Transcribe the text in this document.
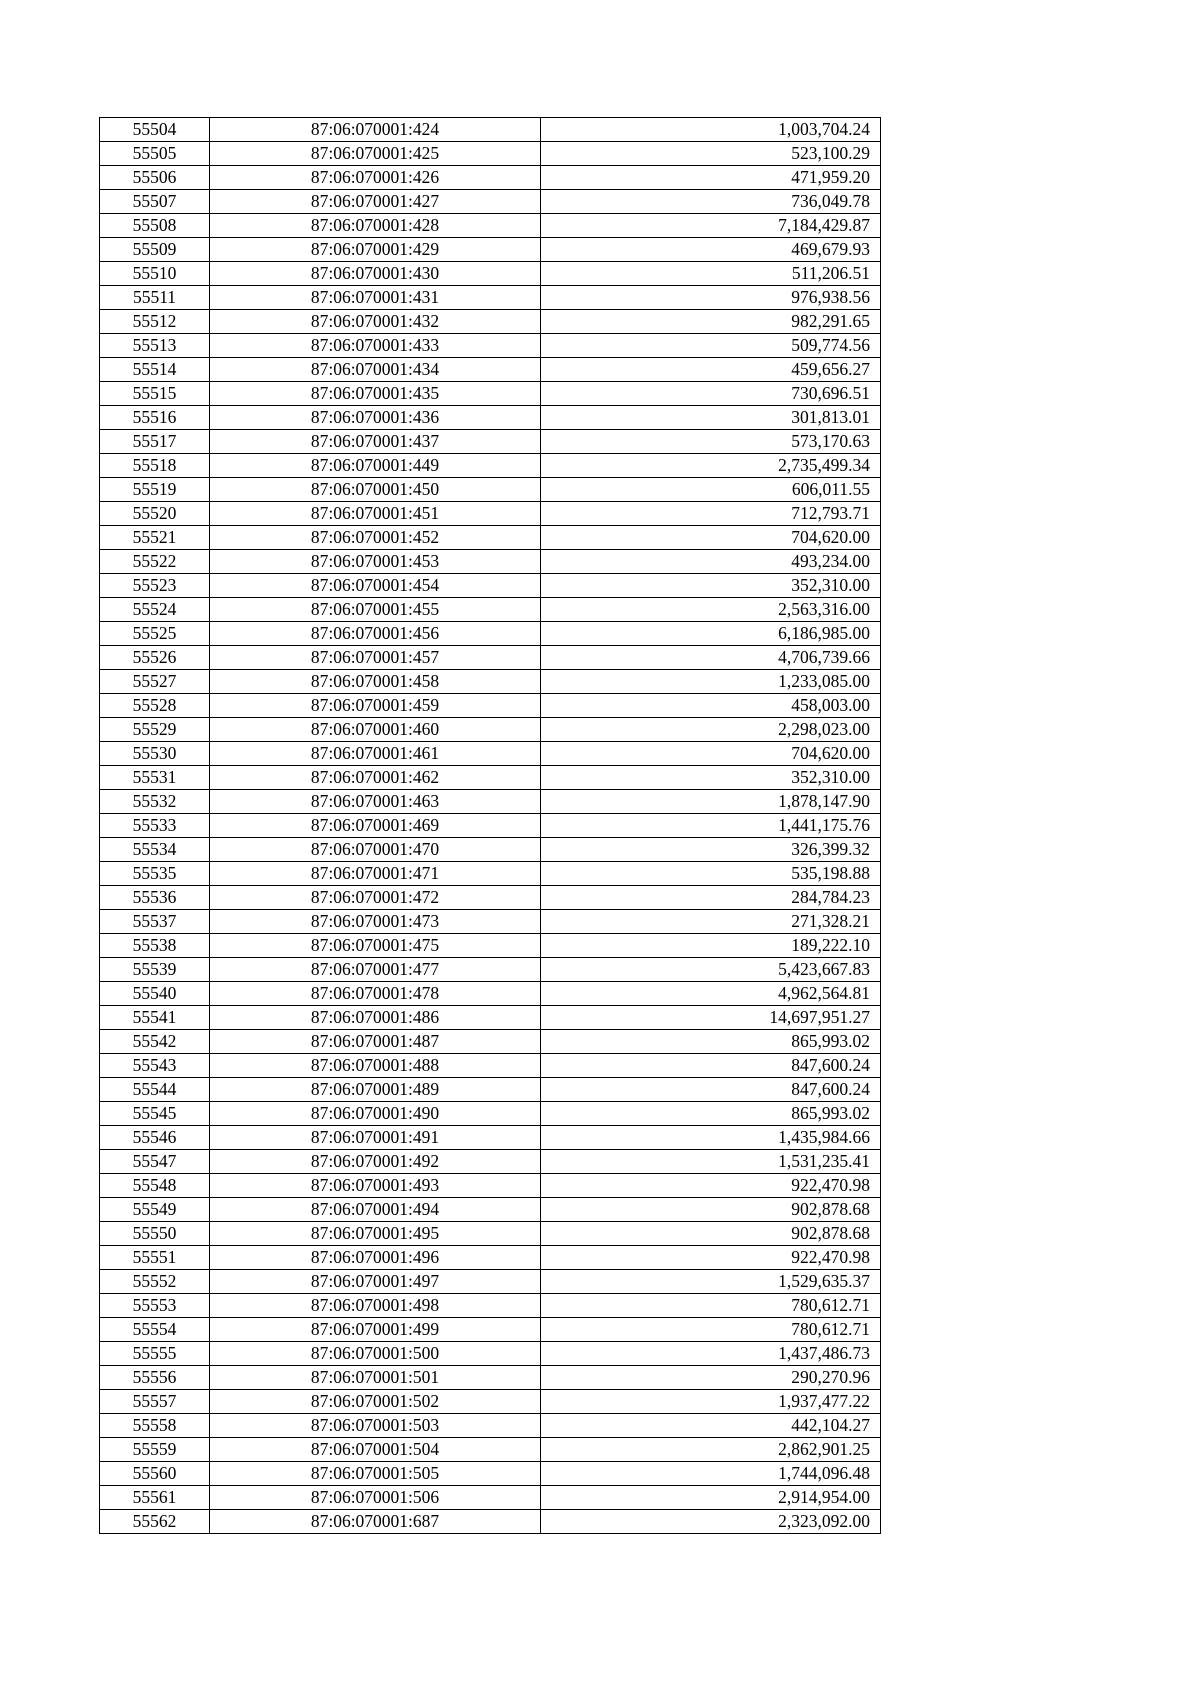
55504	87:06:070001:424	1,003,704.24
55505	87:06:070001:425	523,100.29
55506	87:06:070001:426	471,959.20
55507	87:06:070001:427	736,049.78
55508	87:06:070001:428	7,184,429.87
55509	87:06:070001:429	469,679.93
55510	87:06:070001:430	511,206.51
55511	87:06:070001:431	976,938.56
55512	87:06:070001:432	982,291.65
55513	87:06:070001:433	509,774.56
55514	87:06:070001:434	459,656.27
55515	87:06:070001:435	730,696.51
55516	87:06:070001:436	301,813.01
55517	87:06:070001:437	573,170.63
55518	87:06:070001:449	2,735,499.34
55519	87:06:070001:450	606,011.55
55520	87:06:070001:451	712,793.71
55521	87:06:070001:452	704,620.00
55522	87:06:070001:453	493,234.00
55523	87:06:070001:454	352,310.00
55524	87:06:070001:455	2,563,316.00
55525	87:06:070001:456	6,186,985.00
55526	87:06:070001:457	4,706,739.66
55527	87:06:070001:458	1,233,085.00
55528	87:06:070001:459	458,003.00
55529	87:06:070001:460	2,298,023.00
55530	87:06:070001:461	704,620.00
55531	87:06:070001:462	352,310.00
55532	87:06:070001:463	1,878,147.90
55533	87:06:070001:469	1,441,175.76
55534	87:06:070001:470	326,399.32
55535	87:06:070001:471	535,198.88
55536	87:06:070001:472	284,784.23
55537	87:06:070001:473	271,328.21
55538	87:06:070001:475	189,222.10
55539	87:06:070001:477	5,423,667.83
55540	87:06:070001:478	4,962,564.81
55541	87:06:070001:486	14,697,951.27
55542	87:06:070001:487	865,993.02
55543	87:06:070001:488	847,600.24
55544	87:06:070001:489	847,600.24
55545	87:06:070001:490	865,993.02
55546	87:06:070001:491	1,435,984.66
55547	87:06:070001:492	1,531,235.41
55548	87:06:070001:493	922,470.98
55549	87:06:070001:494	902,878.68
55550	87:06:070001:495	902,878.68
55551	87:06:070001:496	922,470.98
55552	87:06:070001:497	1,529,635.37
55553	87:06:070001:498	780,612.71
55554	87:06:070001:499	780,612.71
55555	87:06:070001:500	1,437,486.73
55556	87:06:070001:501	290,270.96
55557	87:06:070001:502	1,937,477.22
55558	87:06:070001:503	442,104.27
55559	87:06:070001:504	2,862,901.25
55560	87:06:070001:505	1,744,096.48
55561	87:06:070001:506	2,914,954.00
55562	87:06:070001:687	2,323,092.00
